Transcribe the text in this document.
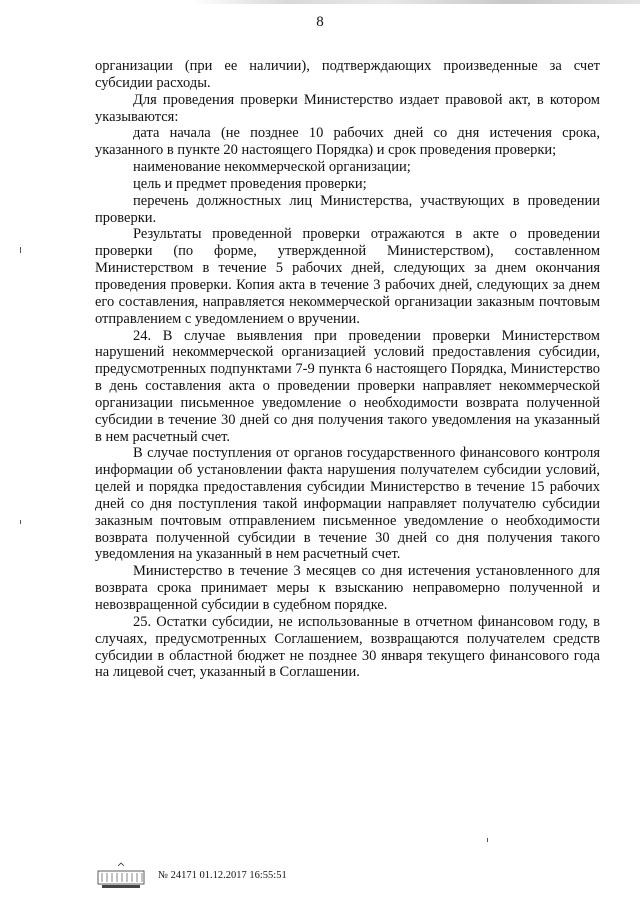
8

организации (при ее наличии), подтверждающих произведенные за счет субсидии расходы.

Для проведения проверки Министерство издает правовой акт, в котором указываются:

дата начала (не позднее 10 рабочих дней со дня истечения срока, указанного в пункте 20 настоящего Порядка) и срок проведения проверки;

наименование некоммерческой организации;

цель и предмет проведения проверки;

перечень должностных лиц Министерства, участвующих в проведении проверки.

Результаты проведенной проверки отражаются в акте о проведении проверки (по форме, утвержденной Министерством), составленном Министерством в течение 5 рабочих дней, следующих за днем окончания проведения проверки. Копия акта в течение 3 рабочих дней, следующих за днем его составления, направляется некоммерческой организации заказным почтовым отправлением с уведомлением о вручении.

24. В случае выявления при проведении проверки Министерством нарушений некоммерческой организацией условий предоставления субсидии, предусмотренных подпунктами 7-9 пункта 6 настоящего Порядка, Министерство в день составления акта о проведении проверки направляет некоммерческой организации письменное уведомление о необходимости возврата полученной субсидии в течение 30 дней со дня получения такого уведомления на указанный в нем расчетный счет.

В случае поступления от органов государственного финансового контроля информации об установлении факта нарушения получателем субсидии условий, целей и порядка предоставления субсидии Министерство в течение 15 рабочих дней со дня поступления такой информации направляет получателю субсидии заказным почтовым отправлением письменное уведомление о необходимости возврата полученной субсидии в течение 30 дней со дня получения такого уведомления на указанный в нем расчетный счет.

Министерство в течение 3 месяцев со дня истечения установленного для возврата срока принимает меры к взысканию неправомерно полученной и невозвращенной субсидии в судебном порядке.

25. Остатки субсидии, не использованные в отчетном финансовом году, в случаях, предусмотренных Соглашением, возвращаются получателем средств субсидии в областной бюджет не позднее 30 января текущего финансового года на лицевой счет, указанный в Соглашении.

№ 24171 01.12.2017 16:55:51
